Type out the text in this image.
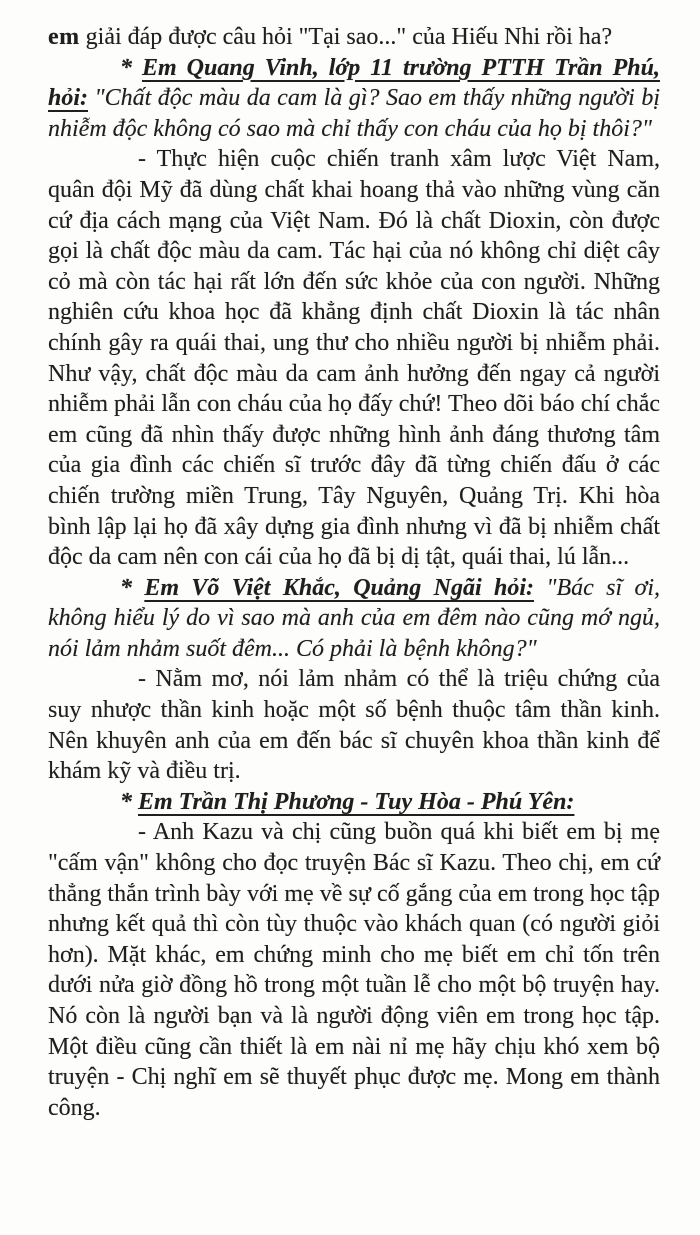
em giải đáp được câu hỏi "Tại sao..." của Hiếu Nhi rồi ha?

* Em Quang Vinh, lớp 11 trường PTTH Trần Phú, hỏi: "Chất độc màu da cam là gì? Sao em thấy những người bị nhiễm độc không có sao mà chỉ thấy con cháu của họ bị thôi?"

- Thực hiện cuộc chiến tranh xâm lược Việt Nam, quân đội Mỹ đã dùng chất khai hoang thả vào những vùng căn cứ địa cách mạng của Việt Nam. Đó là chất Dioxin, còn được gọi là chất độc màu da cam. Tác hại của nó không chỉ diệt cây cỏ mà còn tác hại rất lớn đến sức khỏe của con người. Những nghiên cứu khoa học đã khẳng định chất Dioxin là tác nhân chính gây ra quái thai, ung thư cho nhiều người bị nhiễm phải. Như vậy, chất độc màu da cam ảnh hưởng đến ngay cả người nhiễm phải lẫn con cháu của họ đấy chứ! Theo dõi báo chí chắc em cũng đã nhìn thấy được những hình ảnh đáng thương tâm của gia đình các chiến sĩ trước đây đã từng chiến đấu ở các chiến trường miền Trung, Tây Nguyên, Quảng Trị. Khi hòa bình lập lại họ đã xây dựng gia đình nhưng vì đã bị nhiễm chất độc da cam nên con cái của họ đã bị dị tật, quái thai, lú lẫn...

* Em Võ Việt Khắc, Quảng Ngãi hỏi: "Bác sĩ ơi, không hiểu lý do vì sao mà anh của em đêm nào cũng mớ ngủ, nói lảm nhảm suốt đêm... Có phải là bệnh không?"

- Nằm mơ, nói lảm nhảm có thể là triệu chứng của suy nhược thần kinh hoặc một số bệnh thuộc tâm thần kinh. Nên khuyên anh của em đến bác sĩ chuyên khoa thần kinh để khám kỹ và điều trị.

* Em Trần Thị Phương - Tuy Hòa - Phú Yên:

- Anh Kazu và chị cũng buồn quá khi biết em bị mẹ "cấm vận" không cho đọc truyện Bác sĩ Kazu. Theo chị, em cứ thẳng thắn trình bày với mẹ về sự cố gắng của em trong học tập nhưng kết quả thì còn tùy thuộc vào khách quan (có người giỏi hơn). Mặt khác, em chứng minh cho mẹ biết em chỉ tốn trên dưới nửa giờ đồng hồ trong một tuần lễ cho một bộ truyện hay. Nó còn là người bạn và là người động viên em trong học tập. Một điều cũng cần thiết là em nài nỉ mẹ hãy chịu khó xem bộ truyện - Chị nghĩ em sẽ thuyết phục được mẹ. Mong em thành công.
